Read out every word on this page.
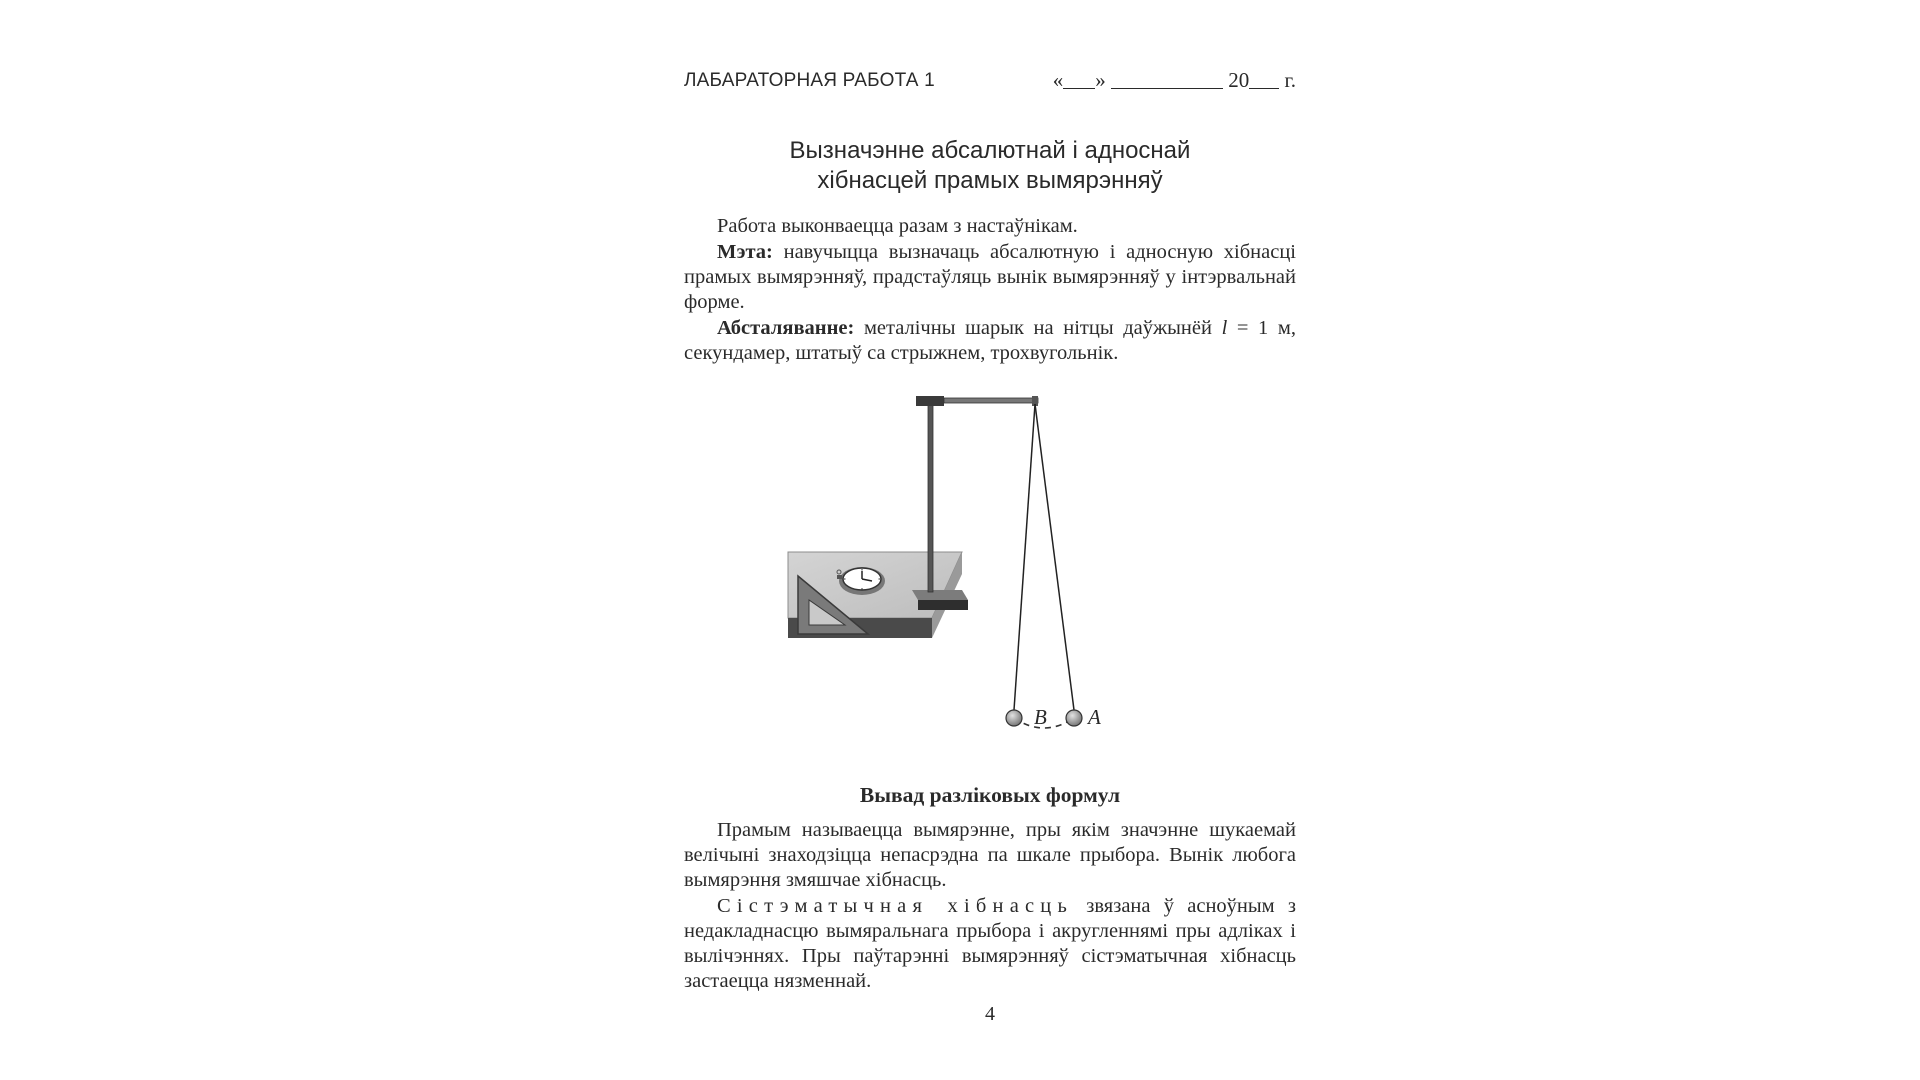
ЛАБАРАТОРНАЯ РАБОТА 1	« »	20 г.
Вызначэнне абсалютнай і адноснай
хібнасцей прамых вымярэнняў

Работа выконваецца разам з настаўнікам.

Мэта: навучыцца вызначаць абсалютную і адносную хібнасці прамых вымярэнняў, прадстаўляць вынік вымярэнняў у інтэрвальнай форме.

Абсталяванне: металічны шарык на нітцы даўжынёй l = 1 м, секундамер, штатыў са стрыжнем, трохвугольнік.

B A
Вывад разліковых формул

Прамым называецца вымярэнне, пры якім значэнне шукаемай велічыні знаходзіцца непасрэдна па шкале прыбора. Вынік любога вымярэння змяшчае хібнасць.

Сістэматычная хібнасць звязана ў асноўным з недакладнасцю вымяральнага прыбора і акругленнямі пры адліках і вылічэннях. Пры паўтарэнні вымярэнняў сістэматычная хібнасць застаецца нязменнай.

4
